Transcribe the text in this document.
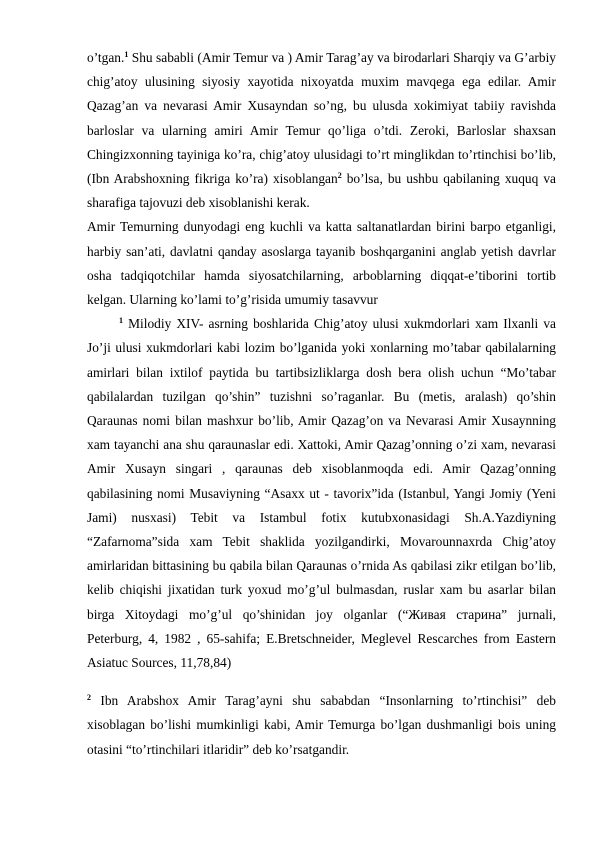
o’tgan.$^1$ Shu sababli (Amir Temur va ) Amir Tarag’ay va birodarlari Sharqiy va G’arbiy chig’atoy ulusining siyosiy xayotida nixoyatda muxim mavqega ega edilar. Amir Qazag’an va nevarasi Amir Xusayndan so’ng, bu ulusda xokimiyat tabiiy ravishda barloslar va ularning amiri Amir Temur qo’liga o’tdi. Zeroki, Barloslar shaxsan Chingizxonning tayiniga ko’ra, chig’atoy ulusidagi to’rt minglikdan to’rtinchisi bo’lib, (Ibn Arabshoxning fikriga ko’ra) xisoblangan$^2$ bo’lsa, bu ushbu qabilaning xuquq va sharafiga tajovuzi deb xisoblanishi kerak.

Amir Temurning dunyodagi eng kuchli va katta saltanatlardan birini barpo etganligi, harbiy san’ati, davlatni qanday asoslarga tayanib boshqarganini anglab yetish davrlar osha tadqiqotchilar hamda siyosatchilarning, arboblarning diqqat-e’tiborini tortib kelgan. Ularning ko’lami to’g’risida umumiy tasavvur

$^1$ Milodiy XIV- asrning boshlarida Chig’atoy ulusi xukmdorlari xam Ilxanli va Jo’ji ulusi xukmdorlari kabi lozim bo’lganida yoki xonlarning mo’tabar qabilalarning amirlari bilan ixtilof paytida bu tartibsizliklarga dosh bera olish uchun “Mo’tabar qabilalardan tuzilgan qo’shin” tuzishni so’raganlar. Bu (metis, aralash) qo’shin Qaraunas nomi bilan mashxur bo’lib, Amir Qazag’on va Nevarasi Amir Xusaynning xam tayanchi ana shu qaraunaslar edi. Xattoki, Amir Qazag’onning o’zi xam, nevarasi Amir Xusayn singari , qaraunas deb xisoblanmoqda edi. Amir Qazag’onning qabilasining nomi Musaviyning “Asaxx ut - tavorix”ida (Istanbul, Yangi Jomiy (Yeni Jami) nusxasi) Tebit va Istambul fotix kutubxonasidagi Sh.A.Yazdiyning “Zafarnoma”sida xam Tebit shaklida yozilgandirki, Movarounnaxrda Chig’atoy amirlaridan bittasining bu qabila bilan Qaraunas o’rnida As qabilasi zikr etilgan bo’lib, kelib chiqishi jixatidan turk yoxud mo’g’ul bulmasdan, ruslar xam bu asarlar bilan birga Xitoydagi mo’g’ul qo’shinidan joy olganlar (“Живая старина” jurnali, Peterburg, 4, 1982 , 65-sahifa; E.Bretschneider, Meglevel Rescarches from Eastern Asiatuc Sources, 11,78,84)

$^2$ Ibn Arabshox Amir Tarag’ayni shu sababdan “Insonlarning to’rtinchisi” deb xisoblagan bo’lishi mumkinligi kabi, Amir Temurga bo’lgan dushmanligi bois uning otasini “to’rtinchilari itlaridir” deb ko’rsatgandir.
